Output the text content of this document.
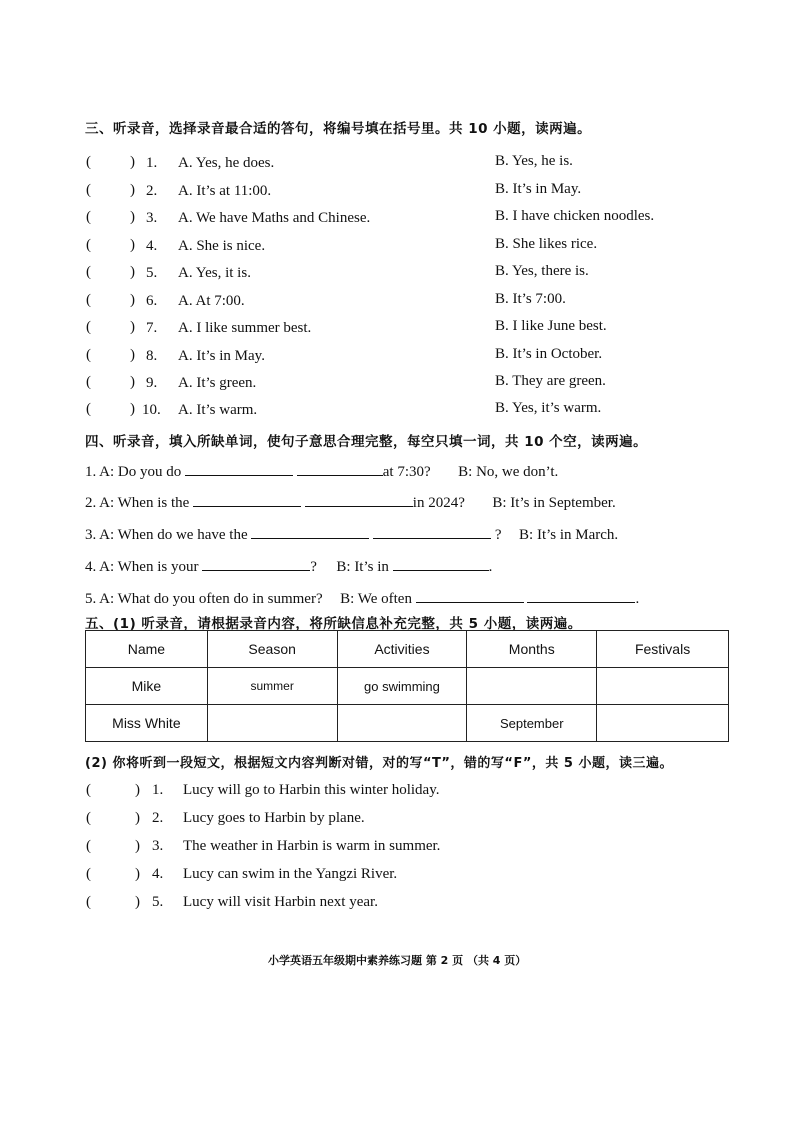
三、听录音，选择录音最合适的答句，将编号填在括号里。共 10 小题，读两遍。
(	) 1. A. Yes, he does.	B. Yes, he is.
(	) 2. A. It’s at 11:00.	B. It’s in May.
(	) 3. A. We have Maths and Chinese.	B. I have chicken noodles.
(	) 4. A. She is nice.	B. She likes rice.
(	) 5. A. Yes, it is.	B. Yes, there is.
(	) 6. A. At 7:00.	B. It’s 7:00.
(	) 7. A. I like summer best.	B. I like June best.
(	) 8. A. It’s in May.	B. It’s in October.
(	) 9. A. It’s green.	B. They are green.
(	) 10. A. It’s warm.	B. Yes, it’s warm.
四、听录音，填入所缺单词，使句子意思合理完整，每空只填一词，共 10 个空，读两遍。
1. A: Do you do	at 7:30? B: No, we don’t.
2. A: When is the	in 2024? B: It’s in September.
3. A: When do we have the	? B: It’s in March.
4. A: When is your	? B: It’s in	.
5. A: What do you often do in summer? B: We often	.
五、(1) 听录音，请根据录音内容，将所缺信息补充完整，共 5 小题，读两遍。
Name	Season	Activities	Months	Festivals
Mike	summer	go swimming		
Miss White			September	
(2) 你将听到一段短文，根据短文内容判断对错，对的写“T”，错的写“F”，共 5 小题，读三遍。
(	) 1. Lucy will go to Harbin this winter holiday.
(	) 2. Lucy goes to Harbin by plane.
(	) 3. The weather in Harbin is warm in summer.
(	) 4. Lucy can swim in the Yangzi River.
(	) 5. Lucy will visit Harbin next year.
小学英语五年级期中素养练习题 第 2 页 （共 4 页）
